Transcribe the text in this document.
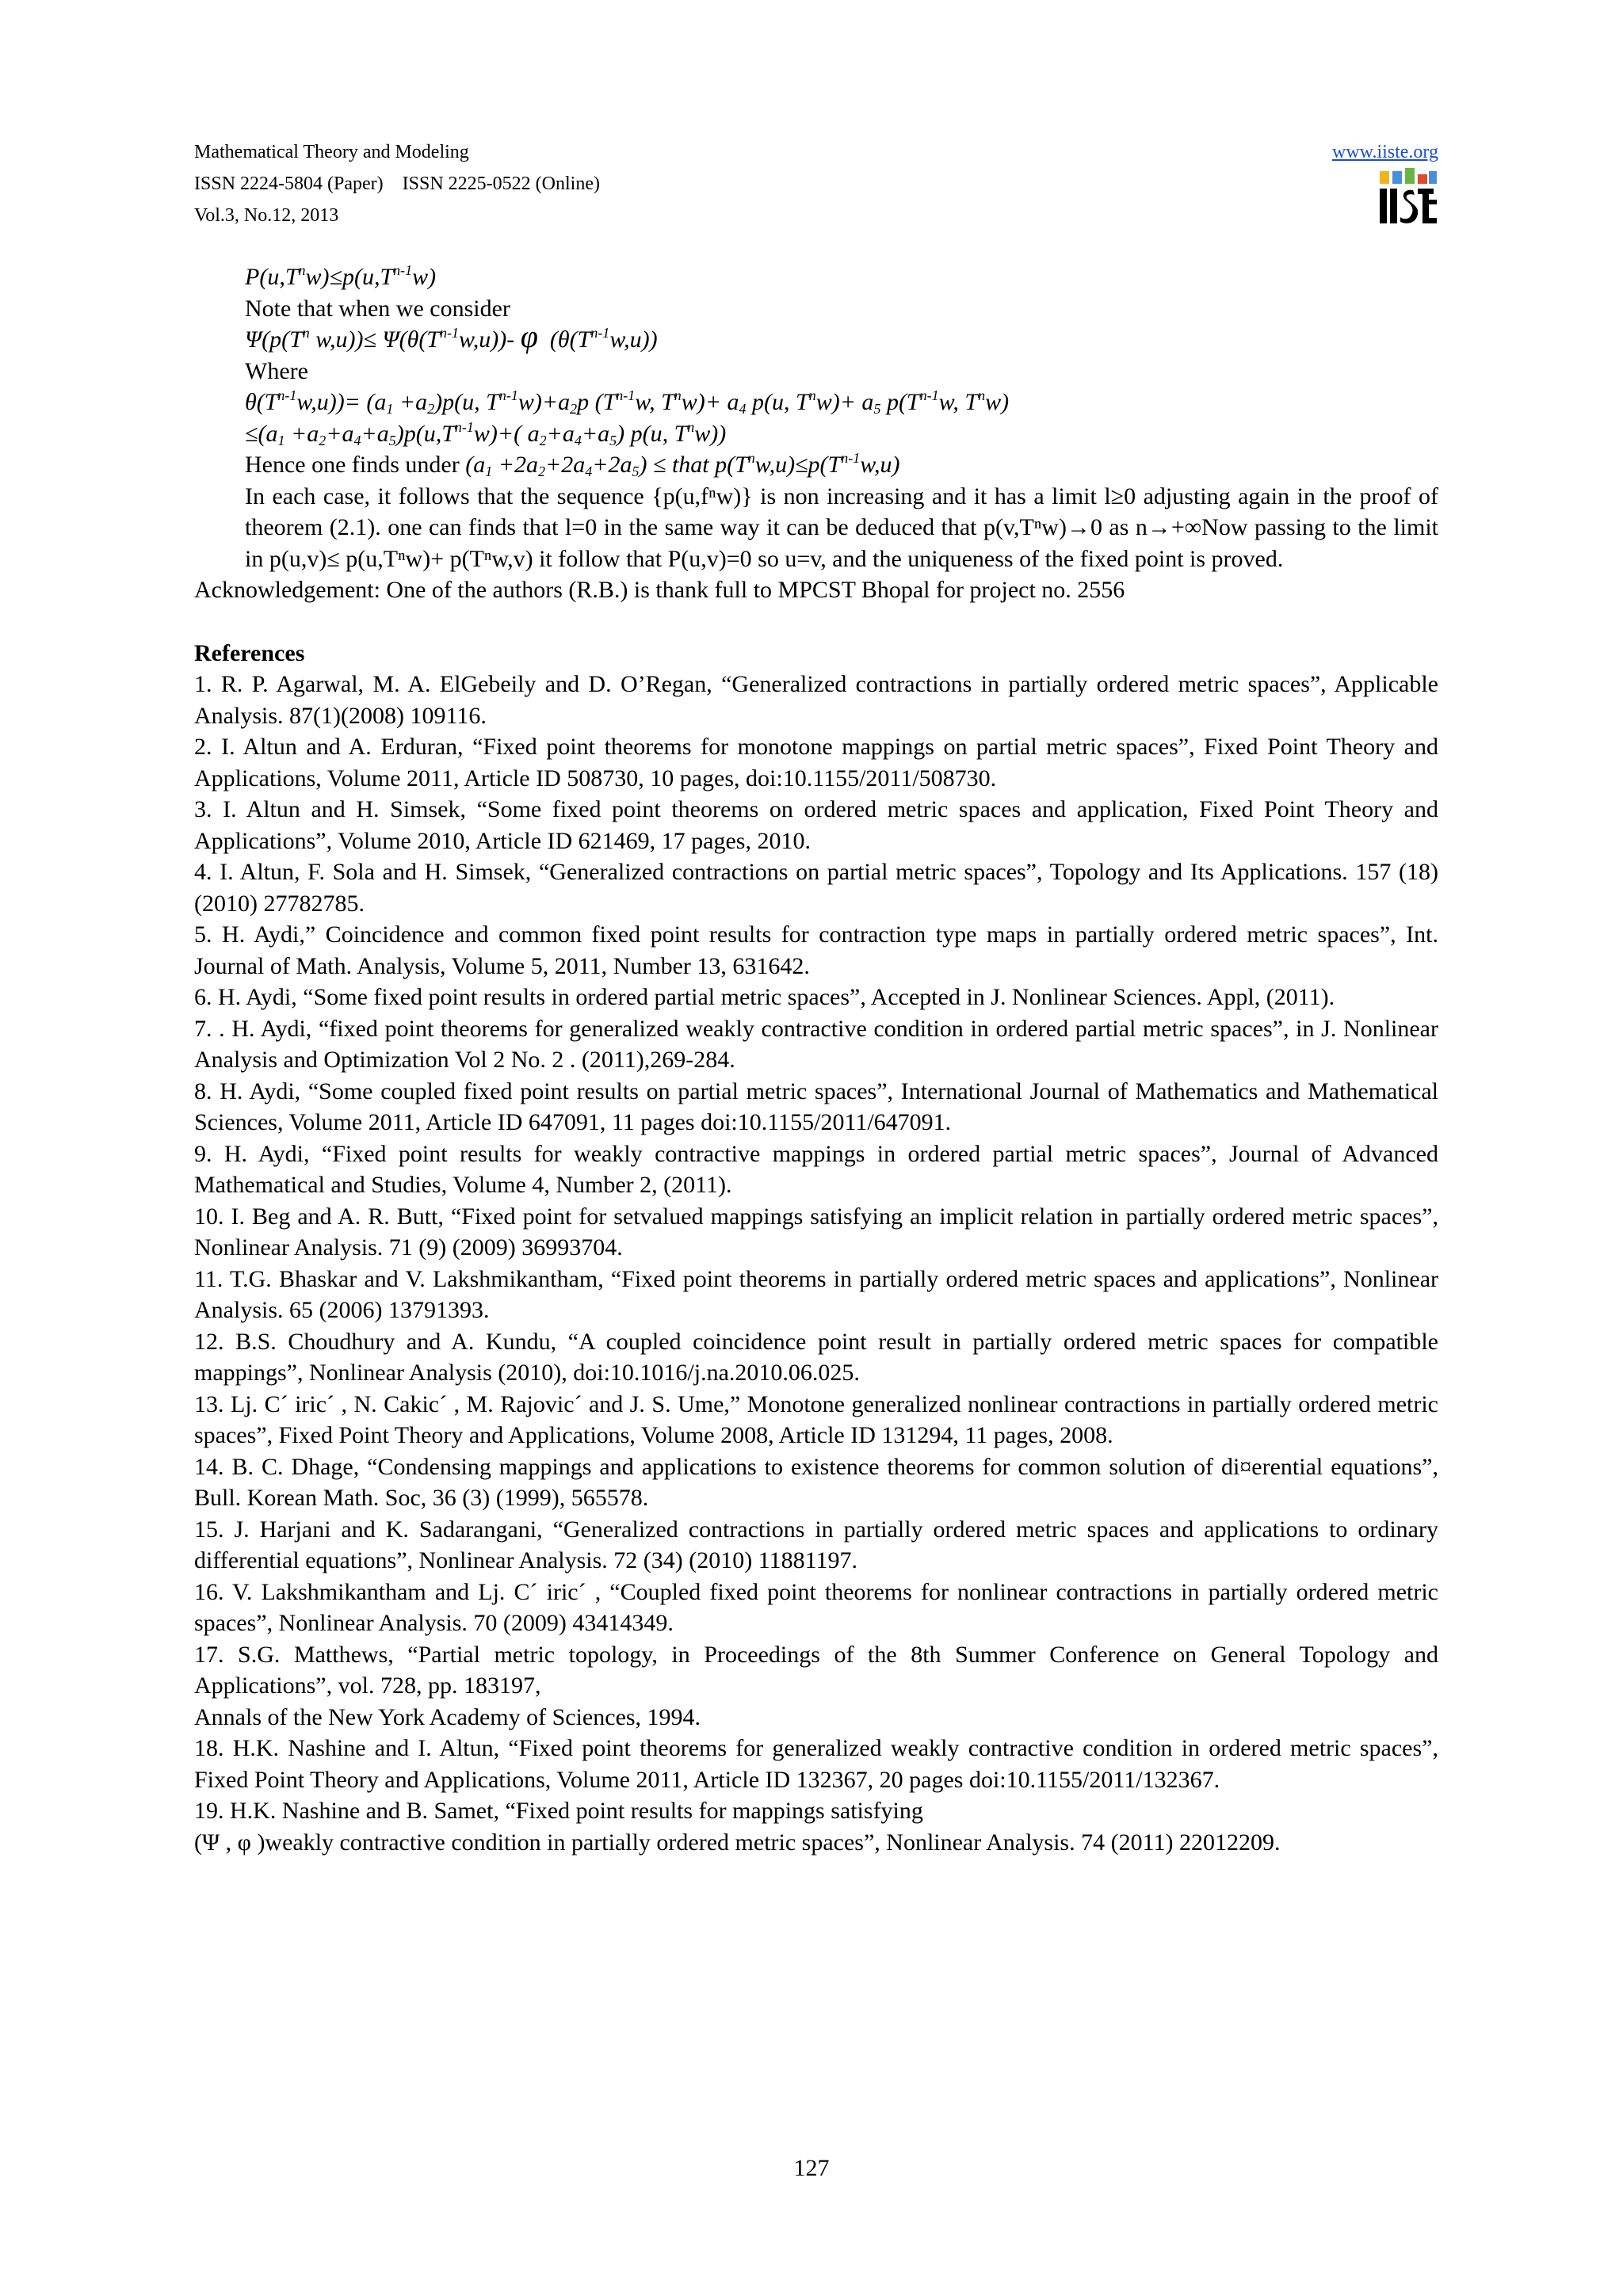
Mathematical Theory and Modeling
ISSN 2224-5804 (Paper)    ISSN 2225-0522 (Online)
Vol.3, No.12, 2013
www.iiste.org
$P(u,T^nw)\le p(u,T^{n-1}w)$
Note that when we consider
$\Psi(p(T^n$ $w,u))\le \Psi(\theta(T^{n-1}w,u))-$ φ  $(\theta(T^{n-1}w,u))$
Where
$\theta(T^{n-1}w,u))= (a_1 +a_2)p(u$, $T^{n-1}w)+a_2p$ ($T^{n-1}w$, $T^nw)+ a_4$ p(u, $T^nw)+ a_5$ $p(T^{n-1}w$, $T^nw$)
$\le(a_1 +a_2+a_4+a_5)p(u,T^{n-1}w)+$( $a_2+a_4+a_5$) p(u, $T^nw$))
Hence one finds under $(a_1 +2a_2+2a_4+2a_5)$ ≤ that $p(T^nw,u)\le p(T^{n-1}w,u)$
In each case, it follows that the sequence {p(u,fⁿw)} is non increasing and it has a limit l≥0 adjusting again in the proof of theorem (2.1). one can finds that l=0 in the same way it can be deduced that p(v,Tⁿw)→0 as n→+∞Now passing to the limit in p(u,v)≤ p(u,Tⁿw)+ p(Tⁿw,v) it follow that P(u,v)=0 so u=v, and the uniqueness of the fixed point is proved.
Acknowledgement: One of the authors (R.B.) is thank full to MPCST Bhopal for project no. 2556
References
1. R. P. Agarwal, M. A. ElGebeily and D. O’Regan, “Generalized contractions in partially ordered metric spaces”, Applicable Analysis. 87(1)(2008) 109116.
2. I. Altun and A. Erduran, “Fixed point theorems for monotone mappings on partial metric spaces”, Fixed Point Theory and Applications, Volume 2011, Article ID 508730, 10 pages, doi:10.1155/2011/508730.
3. I. Altun and H. Simsek, “Some fixed point theorems on ordered metric spaces and application, Fixed Point Theory and Applications”, Volume 2010, Article ID 621469, 17 pages, 2010.
4. I. Altun, F. Sola and H. Simsek, “Generalized contractions on partial metric spaces”, Topology and Its Applications. 157 (18) (2010) 27782785.
5. H. Aydi,” Coincidence and common fixed point results for contraction type maps in partially ordered metric spaces”, Int. Journal of Math. Analysis, Volume 5, 2011, Number 13, 631642.
6. H. Aydi, “Some fixed point results in ordered partial metric spaces”, Accepted in J. Nonlinear Sciences. Appl, (2011).
7. . H. Aydi, “fixed point theorems for generalized weakly contractive condition in ordered partial metric spaces”, in J. Nonlinear Analysis and Optimization Vol 2 No. 2 . (2011),269-284.
8. H. Aydi, “Some coupled fixed point results on partial metric spaces”, International Journal of Mathematics and Mathematical Sciences, Volume 2011, Article ID 647091, 11 pages doi:10.1155/2011/647091.
9. H. Aydi, “Fixed point results for weakly contractive mappings in ordered partial metric spaces”, Journal of Advanced Mathematical and Studies, Volume 4, Number 2, (2011).
10. I. Beg and A. R. Butt, “Fixed point for setvalued mappings satisfying an implicit relation in partially ordered metric spaces”, Nonlinear Analysis. 71 (9) (2009) 36993704.
11. T.G. Bhaskar and V. Lakshmikantham, “Fixed point theorems in partially ordered metric spaces and applications”, Nonlinear Analysis. 65 (2006) 13791393.
12. B.S. Choudhury and A. Kundu, “A coupled coincidence point result in partially ordered metric spaces for compatible mappings”, Nonlinear Analysis (2010), doi:10.1016/j.na.2010.06.025.
13. Lj. C´ iric´ , N. Cakic´ , M. Rajovic´ and J. S. Ume,” Monotone generalized nonlinear contractions in partially ordered metric spaces”, Fixed Point Theory and Applications, Volume 2008, Article ID 131294, 11 pages, 2008.
14. B. C. Dhage, “Condensing mappings and applications to existence theorems for common solution of di¤erential equations”, Bull. Korean Math. Soc, 36 (3) (1999), 565578.
15. J. Harjani and K. Sadarangani, “Generalized contractions in partially ordered metric spaces and applications to ordinary differential equations”, Nonlinear Analysis. 72 (34) (2010) 11881197.
16. V. Lakshmikantham and Lj. C´ iric´ , “Coupled fixed point theorems for nonlinear contractions in partially ordered metric spaces”, Nonlinear Analysis. 70 (2009) 43414349.
17. S.G. Matthews, “Partial metric topology, in Proceedings of the 8th Summer Conference on General Topology and Applications”, vol. 728, pp. 183197,
Annals of the New York Academy of Sciences, 1994.
18. H.K. Nashine and I. Altun, “Fixed point theorems for generalized weakly contractive condition in ordered metric spaces”, Fixed Point Theory and Applications, Volume 2011, Article ID 132367, 20 pages doi:10.1155/2011/132367.
19. H.K. Nashine and B. Samet, “Fixed point results for mappings satisfying
(Ψ , φ )weakly contractive condition in partially ordered metric spaces”, Nonlinear Analysis. 74 (2011) 22012209.
127
